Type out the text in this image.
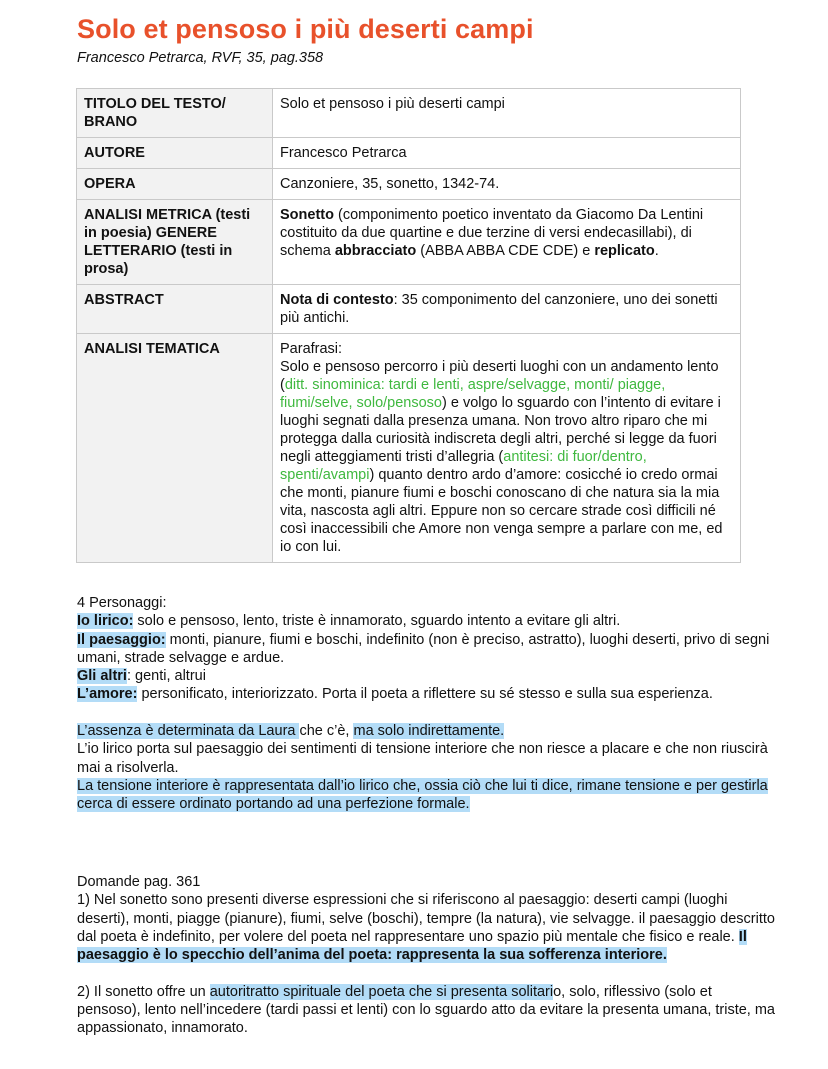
Solo et pensoso i più deserti campi
Francesco Petrarca, RVF, 35, pag.358
TITOLO DEL TESTO/ BRANO	Solo et pensoso i più deserti campi
AUTORE	Francesco Petrarca
OPERA	Canzoniere, 35, sonetto, 1342-74.
ANALISI METRICA (testi in poesia) GENERE LETTERARIO (testi in prosa)	Sonetto (componimento poetico inventato da Giacomo Da Lentini costituito da due quartine e due terzine di versi endecasillabi), di schema abbracciato (ABBA ABBA CDE CDE) e replicato.
ABSTRACT	Nota di contesto: 35 componimento del canzoniere, uno dei sonetti più antichi.
ANALISI TEMATICA	Parafrasi:
Solo e pensoso percorro i più deserti luoghi con un andamento lento (ditt. sinominica: tardi e lenti, aspre/selvagge, monti/ piagge, fiumi/selve, solo/pensoso) e volgo lo sguardo con l’intento di evitare i luoghi segnati dalla presenza umana. Non trovo altro riparo che mi protegga dalla curiosità indiscreta degli altri, perché si legge da fuori negli atteggiamenti tristi d’allegria (antitesi: di fuor/dentro, spenti/avampi) quanto dentro ardo d’amore: cosicché io credo ormai che monti, pianure fiumi e boschi conoscano di che natura sia la mia vita, nascosta agli altri. Eppure non so cercare strade così difficili né così inaccessibili che Amore non venga sempre a parlare con me, ed io con lui.

4 Personaggi:

Io lirico: solo e pensoso, lento, triste è innamorato, sguardo intento a evitare gli altri.

Il paesaggio: monti, pianure, fiumi e boschi, indefinito (non è preciso, astratto), luoghi deserti, privo di segni umani, strade selvagge e ardue.

Gli altri: genti, altrui

L’amore: personificato, interiorizzato. Porta il poeta a riflettere su sé stesso e sulla sua esperienza.

L’assenza è determinata da Laura che c’è, ma solo indirettamente.

L’io lirico porta sul paesaggio dei sentimenti di tensione interiore che non riesce a placare e che non riuscirà mai a risolverla.

La tensione interiore è rappresentata dall’io lirico che, ossia ciò che lui ti dice, rimane tensione e per gestirla cerca di essere ordinato portando ad una perfezione formale.

Domande pag. 361

1) Nel sonetto sono presenti diverse espressioni che si riferiscono al paesaggio: deserti campi (luoghi deserti), monti, piagge (pianure), fiumi, selve (boschi), tempre (la natura), vie selvagge. il paesaggio descritto dal poeta è indefinito, per volere del poeta nel rappresentare uno spazio più mentale che fisico e reale. Il paesaggio è lo specchio dell’anima del poeta: rappresenta la sua sofferenza interiore.

2) Il sonetto offre un autoritratto spirituale del poeta che si presenta solitario, solo, riflessivo (solo et pensoso), lento nell’incedere (tardi passi et lenti) con lo sguardo atto da evitare la presenta umana, triste, ma appassionato, innamorato.
